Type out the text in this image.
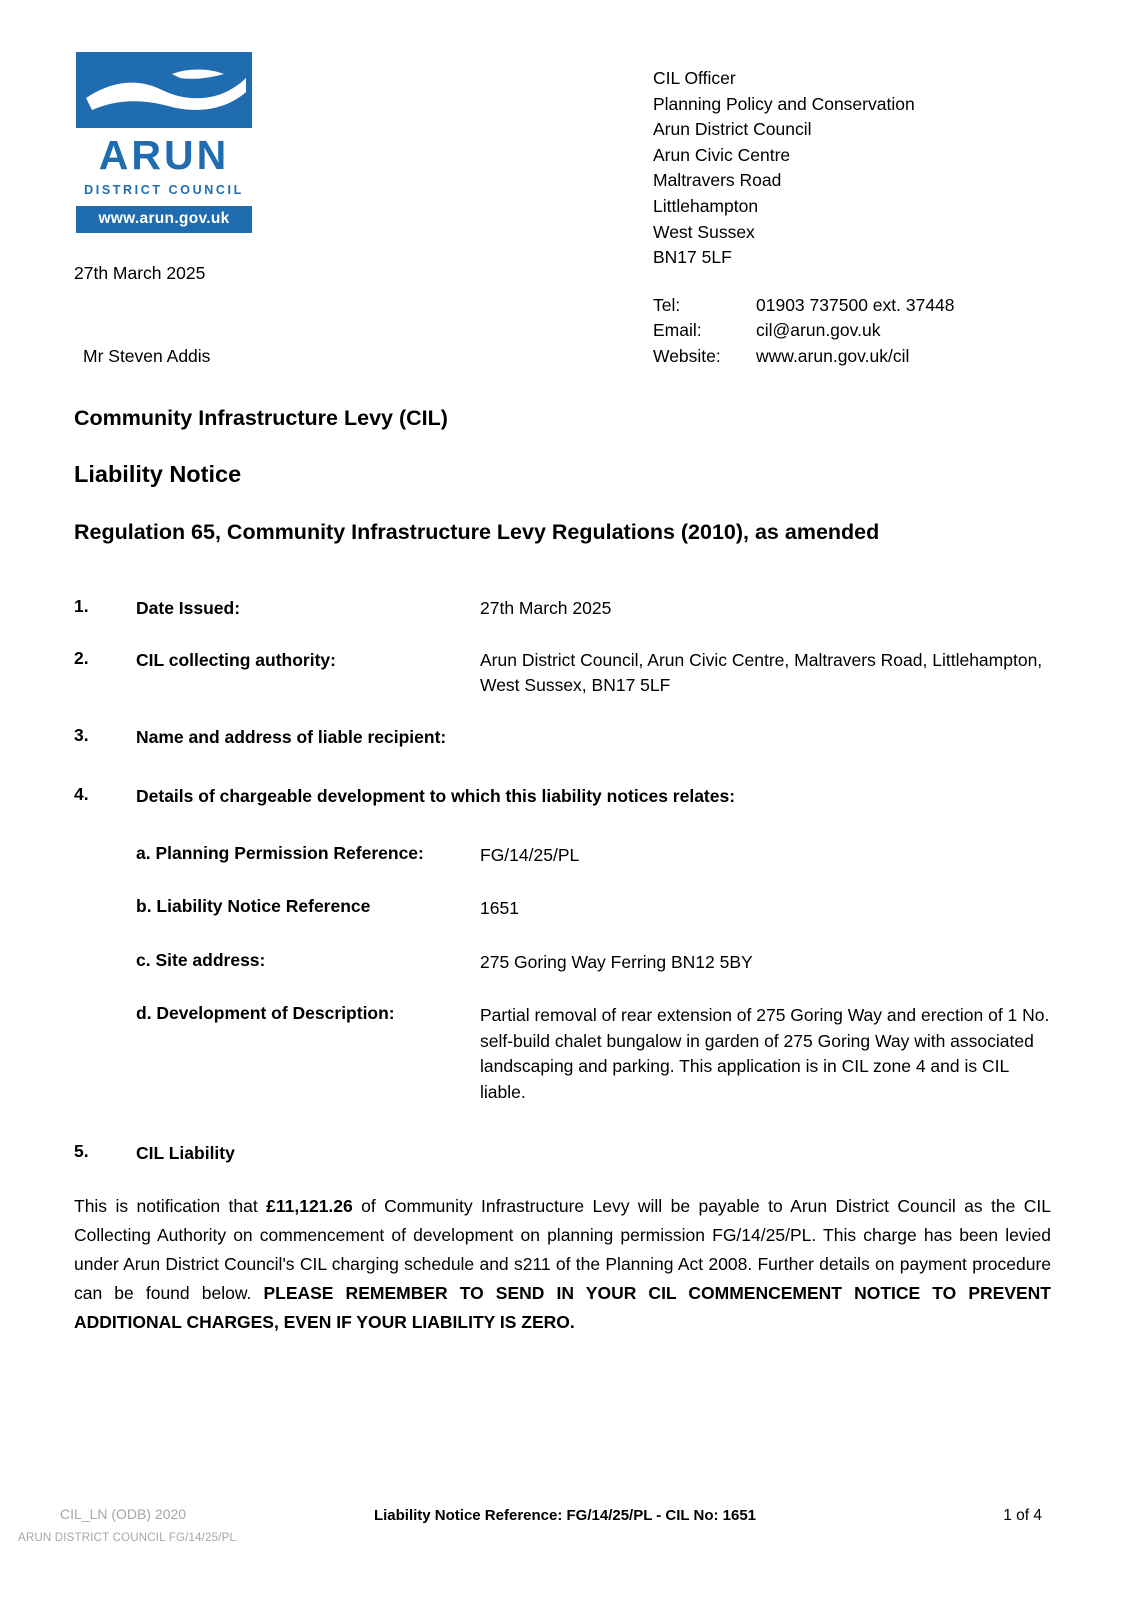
ARUN
DISTRICT COUNCIL
www.arun.gov.uk
CIL Officer
Planning Policy and Conservation
Arun District Council
Arun Civic Centre
Maltravers Road
Littlehampton
West Sussex
BN17 5LF
Tel:	01903 737500 ext. 37448
Email:	cil@arun.gov.uk
Website:	www.arun.gov.uk/cil
27th March 2025
Mr Steven Addis
Community Infrastructure Levy (CIL)
Liability Notice
Regulation 65, Community Infrastructure Levy Regulations (2010), as amended
1.	Date Issued:	27th March 2025
2.	CIL collecting authority:	Arun District Council, Arun Civic Centre, Maltravers Road, Littlehampton, West Sussex, BN17 5LF
3.	Name and address of liable recipient:
4.	Details of chargeable development to which this liability notices relates:
a. Planning Permission Reference:	FG/14/25/PL
b. Liability Notice Reference	1651
c. Site address:	275 Goring Way Ferring BN12 5BY
d. Development of Description:	Partial removal of rear extension of 275 Goring Way and erection of 1 No. self-build chalet bungalow in garden of 275 Goring Way with associated landscaping and parking. This application is in CIL zone 4 and is CIL liable.
5.	CIL Liability
This is notification that £11,121.26 of Community Infrastructure Levy will be payable to Arun District Council as the CIL Collecting Authority on commencement of development on planning permission FG/14/25/PL. This charge has been levied under Arun District Council's CIL charging schedule and s211 of the Planning Act 2008. Further details on payment procedure can be found below. PLEASE REMEMBER TO SEND IN YOUR CIL COMMENCEMENT NOTICE TO PREVENT ADDITIONAL CHARGES, EVEN IF YOUR LIABILITY IS ZERO.
CIL_LN (ODB) 2020
ARUN DISTRICT COUNCIL FG/14/25/PL
Liability Notice Reference: FG/14/25/PL - CIL No: 1651	1 of 4
